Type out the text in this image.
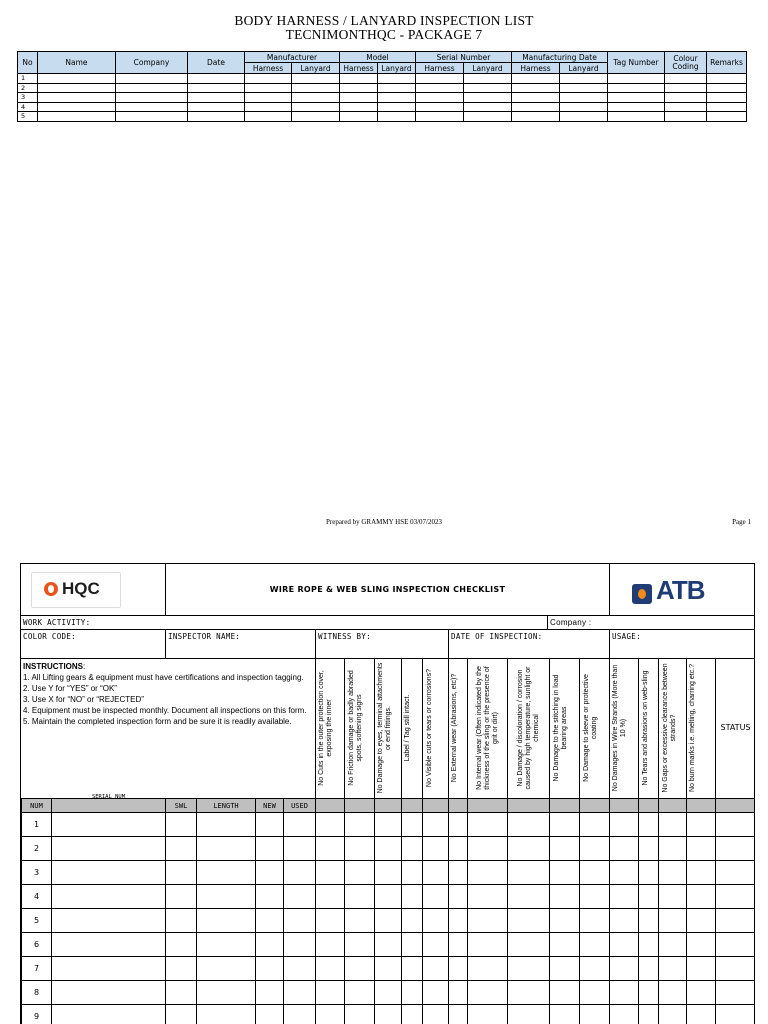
BODY HARNESS / LANYARD INSPECTION LIST
TECNIMONTHQC - PACKAGE 7
No	Name	Company	Date	Manufacturer		Model		Serial Number		Manufacturing Date		Tag Number	Colour Coding	Remarks
				Harness	Lanyard	Harness	Lanyard	Harness	Lanyard	Harness	Lanyard			
1														
2														
3														
4														
5														
Prepared by GRAMMY HSE 03/07/2023	Page 1
HQC	WIRE ROPE & WEB SLING INSPECTION CHECKLIST	ATB
WORK ACTIVITY:	Company :
COLOR CODE:	INSPECTOR NAME:	WITNESS BY:	DATE OF INSPECTION:	USAGE:
INSTRUCTIONS:
1. All Lifting gears & equipment must have certifications and inspection tagging.
2. Use Y for “YES” or “OK”
3. Use X for “NO” or “REJECTED”
4. Equipment must be inspected monthly. Document all inspections on this form.
5. Maintain the completed inspection form and be sure it is readily available.	No Cuts in the outer protection cover, exposing the inner	No Friction damage or badly abraded spots, softening signs	No Damage to eyes, terminal attachments or end fittings.	Label / Tag still intact.	No Visible cuts or tears or corrosions?	No External wear (Abrasions, etc)?	No Internal wear (Often indicated by the thickness of the sling or the presence of grit or dirt)	No Damage / discoloration / corrosion caused by high temperature, sunlight or chemical	No Damage to the stitching in load bearing areas	No Damage to sleeve or protective coating	No Damages in Wire Strands (More than 10 %)	No Tears and abrasions on web-sling	No Gaps or excessive clearance between strands?	No burn marks i.e. melting, charring etc.?	STATUS
NUM	SERIAL NUM	SWL	LENGTH	NEW	USED															
1																				
2																				
3																				
4																				
5																				
6																				
7																				
8																				
9																				
